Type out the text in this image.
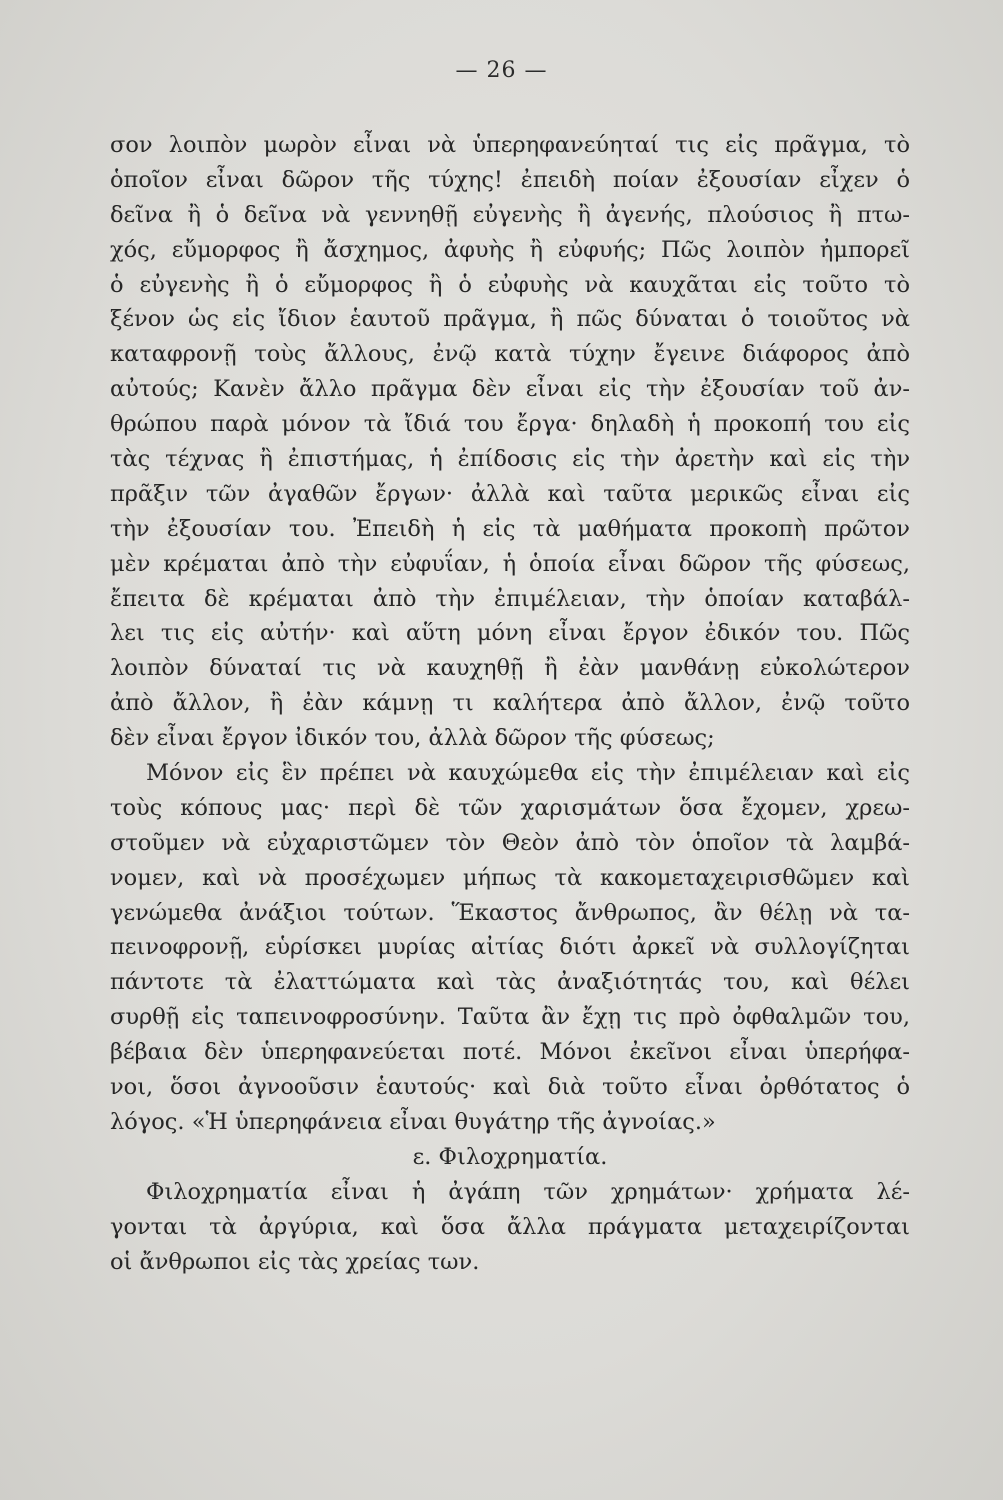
— 26 —
σον λοιπὸν μωρὸν εἶναι νὰ ὑπερηφανεύηταί τις εἰς πρᾶγμα, τὸ
ὁποῖον εἶναι δῶρον τῆς τύχης! ἐπειδὴ ποίαν ἐξουσίαν εἶχεν ὁ
δεῖνα ἢ ὁ δεῖνα νὰ γεννηθῇ εὐγενὴς ἢ ἀγενής, πλούσιος ἢ πτω-
χός, εὔμορφος ἢ ἄσχημος, ἀφυὴς ἢ εὐφυής; Πῶς λοιπὸν ἠμπορεῖ
ὁ εὐγενὴς ἢ ὁ εὔμορφος ἢ ὁ εὐφυὴς νὰ καυχᾶται εἰς τοῦτο τὸ
ξένον ὡς εἰς ἴδιον ἑαυτοῦ πρᾶγμα, ἢ πῶς δύναται ὁ τοιοῦτος νὰ
καταφρονῇ τοὺς ἄλλους, ἐνῷ κατὰ τύχην ἔγεινε διάφορος ἀπὸ
αὐτούς; Κανὲν ἄλλο πρᾶγμα δὲν εἶναι εἰς τὴν ἐξουσίαν τοῦ ἀν-
θρώπου παρὰ μόνον τὰ ἴδιά του ἔργα· δηλαδὴ ἡ προκοπή του εἰς
τὰς τέχνας ἢ ἐπιστήμας, ἡ ἐπίδοσις εἰς τὴν ἀρετὴν καὶ εἰς τὴν
πρᾶξιν τῶν ἀγαθῶν ἔργων· ἀλλὰ καὶ ταῦτα μερικῶς εἶναι εἰς
τὴν ἐξουσίαν του. Ἐπειδὴ ἡ εἰς τὰ μαθήματα προκοπὴ πρῶτον
μὲν κρέμαται ἀπὸ τὴν εὐφυΐαν, ἡ ὁποία εἶναι δῶρον τῆς φύσεως,
ἔπειτα δὲ κρέμαται ἀπὸ τὴν ἐπιμέλειαν, τὴν ὁποίαν καταβάλ-
λει τις εἰς αὐτήν· καὶ αὕτη μόνη εἶναι ἔργον ἐδικόν του. Πῶς
λοιπὸν δύναταί τις νὰ καυχηθῇ ἢ ἐὰν μανθάνῃ εὐκολώτερον
ἀπὸ ἄλλον, ἢ ἐὰν κάμνῃ τι καλήτερα ἀπὸ ἄλλον, ἐνῷ τοῦτο
δὲν εἶναι ἔργον ἰδικόν του, ἀλλὰ δῶρον τῆς φύσεως;
Μόνον εἰς ἓν πρέπει νὰ καυχώμεθα εἰς τὴν ἐπιμέλειαν καὶ εἰς
τοὺς κόπους μας· περὶ δὲ τῶν χαρισμάτων ὅσα ἔχομεν, χρεω-
στοῦμεν νὰ εὐχαριστῶμεν τὸν Θεὸν ἀπὸ τὸν ὁποῖον τὰ λαμβά-
νομεν, καὶ νὰ προσέχωμεν μήπως τὰ κακομεταχειρισθῶμεν καὶ
γενώμεθα ἀνάξιοι τούτων. Ἕκαστος ἄνθρωπος, ἂν θέλῃ νὰ τα-
πεινοφρονῇ, εὑρίσκει μυρίας αἰτίας διότι ἀρκεῖ νὰ συλλογίζηται
πάντοτε τὰ ἐλαττώματα καὶ τὰς ἀναξιότητάς του, καὶ θέλει
συρθῇ εἰς ταπεινοφροσύνην. Ταῦτα ἂν ἔχῃ τις πρὸ ὀφθαλμῶν του,
βέβαια δὲν ὑπερηφανεύεται ποτέ. Μόνοι ἐκεῖνοι εἶναι ὑπερήφα-
νοι, ὅσοι ἀγνοοῦσιν ἑαυτούς· καὶ διὰ τοῦτο εἶναι ὀρθότατος ὁ
λόγος. «Ἡ ὑπερηφάνεια εἶναι θυγάτηρ τῆς ἀγνοίας.»
ε. Φιλοχρηματία.
Φιλοχρηματία εἶναι ἡ ἀγάπη τῶν χρημάτων· χρήματα λέ-
γονται τὰ ἀργύρια, καὶ ὅσα ἄλλα πράγματα μεταχειρίζονται
οἱ ἄνθρωποι εἰς τὰς χρείας των.
